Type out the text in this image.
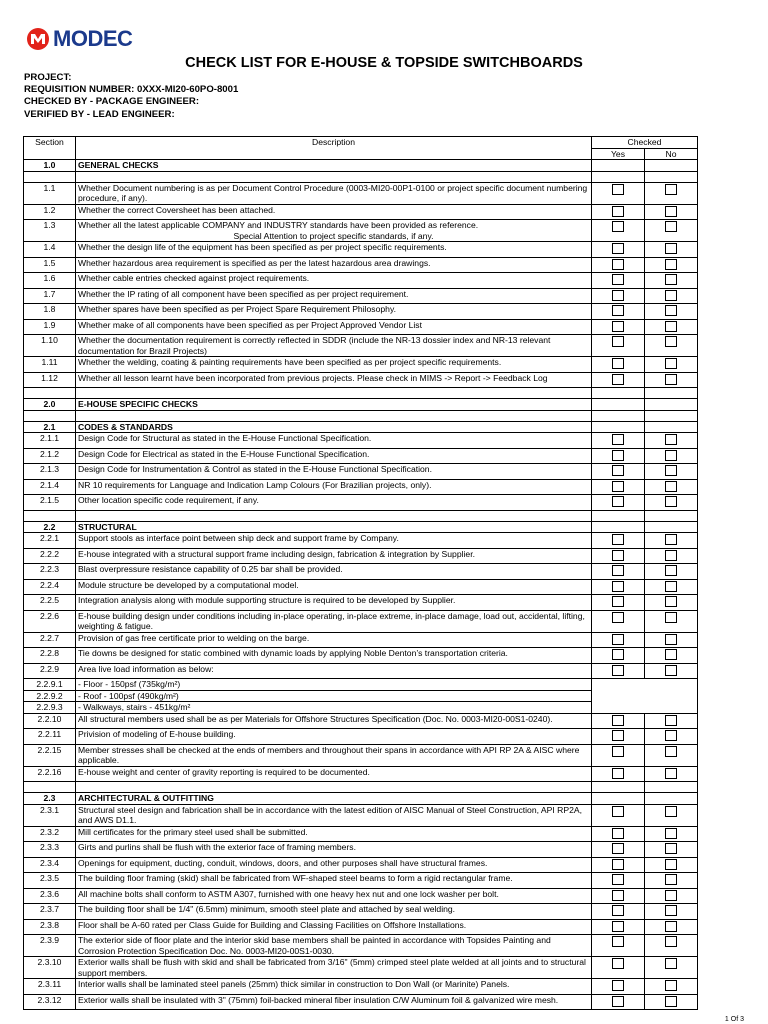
MODEC
CHECK LIST FOR E-HOUSE & TOPSIDE SWITCHBOARDS
PROJECT:
REQUISITION NUMBER: 0XXX-MI20-60PO-8001
CHECKED BY - PACKAGE ENGINEER:
VERIFIED BY - LEAD ENGINEER:
Section	Description	Checked	
		Yes	No
1.0	GENERAL CHECKS		

1.1	Whether Document numbering is as per Document Control Procedure (0003-MI20-00P1-0100 or project specific document numbering procedure, if any).		
1.2	Whether the correct Coversheet has been attached.		
1.3	Whether all the latest applicable COMPANY and INDUSTRY standards have been provided as reference.
Special Attention to project specific standards, if any.		

1.4	Whether the design life of the equipment has been specified as per project specific requirements.		
1.5	Whether hazardous area requirement is specified as per the latest hazardous area drawings.		
1.6	Whether cable entries checked against project requirements.		
1.7	Whether the IP rating of all component have been specified as per project requirement.		
1.8	Whether spares have been specified as per Project Spare Requirement Philosophy.		
1.9	Whether make of all components have been specified as per Project Approved Vendor List		
1.10	Whether the documentation requirement is correctly reflected in SDDR (include the NR-13 dossier index and NR-13 relevant documentation for Brazil Projects)		
1.11	Whether the welding, coating & painting requirements have been specified as per project specific requirements.		
1.12	Whether all lesson learnt have been incorporated from previous projects. Please check in MIMS -> Report -> Feedback Log		

2.0	E-HOUSE SPECIFIC CHECKS		

2.1	CODES & STANDARDS		
2.1.1	Design Code for Structural as stated in the E-House Functional Specification.		
2.1.2	Design Code for Electrical as stated in the E-House Functional Specification.		
2.1.3	Design Code for Instrumentation & Control as stated in the E-House Functional Specification.		
2.1.4	NR 10 requirements for Language and Indication Lamp Colours (For Brazilian projects, only).		
2.1.5	Other location specific code requirement, if any.		

2.2	STRUCTURAL		
2.2.1	Support stools as interface point between ship deck and support frame by Company.		
2.2.2	E-house integrated with a structural support frame including design, fabrication & integration by Supplier.		
2.2.3	Blast overpressure resistance capability of 0.25 bar shall be provided.		
2.2.4	Module structure be developed by a computational model.		
2.2.5	Integration analysis along with module supporting structure is required to be developed by Supplier.		
2.2.6	E-house building design under conditions including in-place operating, in-place extreme, in-place damage, load out, accidental, lifting, weighting & fatigue.		
2.2.7	Provision of gas free certificate prior to welding on the barge.		
2.2.8	Tie downs be designed for static combined with dynamic loads by applying Noble Denton’s transportation criteria.		
2.2.9	Area live load information as below:		
2.2.9.1	- Floor - 150psf (735kg/m²)		
2.2.9.2	- Roof - 100psf (490kg/m²)		
2.2.9.3	- Walkways, stairs - 451kg/m²		
2.2.10	All structural members used shall be as per Materials for Offshore Structures Specification (Doc. No. 0003-MI20-00S1-0240).		
2.2.11	Privision of modeling of E-house building.		
2.2.15	Member stresses shall be checked at the ends of members and throughout their spans in accordance with API RP 2A & AISC where applicable.		
2.2.16	E-house weight and center of gravity reporting is required to be documented.		

2.3	ARCHITECTURAL & OUTFITTING		
2.3.1	Structural steel design and fabrication shall be in accordance with the latest edition of AISC Manual of Steel Construction, API RP2A, and AWS D1.1.		
2.3.2	Mill certificates for the primary steel used shall be submitted.		
2.3.3	Girts and purlins shall be flush with the exterior face of framing members.		
2.3.4	Openings for equipment, ducting, conduit, windows, doors, and other purposes shall have structural frames.		
2.3.5	The building floor framing (skid) shall be fabricated from WF-shaped steel beams to form a rigid rectangular frame.		
2.3.6	All machine bolts shall conform to ASTM A307, furnished with one heavy hex nut and one lock washer per bolt.		
2.3.7	The building floor shall be 1/4" (6.5mm) minimum, smooth steel plate and attached by seal welding.		
2.3.8	Floor shall be A-60 rated per Class Guide for Building and Classing Facilities on Offshore Installations.		
2.3.9	The exterior side of floor plate and the interior skid base members shall be painted in accordance with Topsides Painting and Corrosion Protection Specification Doc. No. 0003-MI20-00S1-0030.		
2.3.10	Exterior walls shall be flush with skid and shall be fabricated from 3/16" (5mm) crimped steel plate welded at all joints and to structural support members.		
2.3.11	Interior walls shall be laminated steel panels (25mm) thick similar in construction to Don Wall (or Marinite) Panels.		
2.3.12	Exterior walls shall be insulated with 3" (75mm) foil-backed mineral fiber insulation C/W Aluminum foil & galvanized wire mesh.		
1 Of 3
